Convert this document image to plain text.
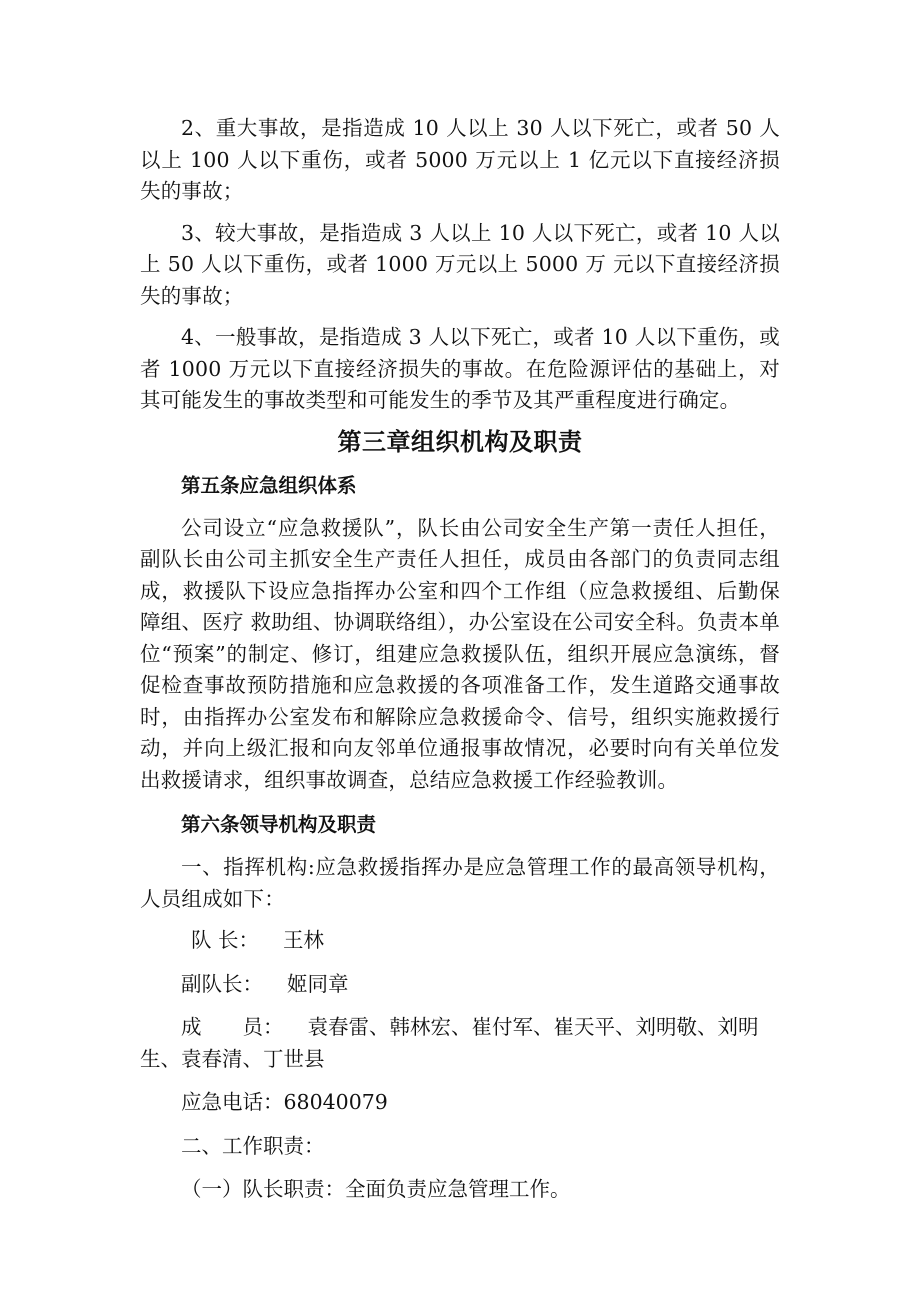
2、重大事故，是指造成 10 人以上 30 人以下死亡，或者 50 人以上 100 人以下重伤，或者 5000 万元以上 1 亿元以下直接经济损失的事故；

3、较大事故，是指造成 3 人以上 10 人以下死亡，或者 10 人以上 50 人以下重伤，或者 1000 万元以上 5000 万 元以下直接经济损失的事故；

4、一般事故，是指造成 3 人以下死亡，或者 10 人以下重伤，或者 1000 万元以下直接经济损失的事故。在危险源评估的基础上，对其可能发生的事故类型和可能发生的季节及其严重程度进行确定。

第三章组织机构及职责
第五条应急组织体系

公司设立“应急救援队”，队长由公司安全生产第一责任人担任，副队长由公司主抓安全生产责任人担任，成员由各部门的负责同志组成，救援队下设应急指挥办公室和四个工作组（应急救援组、后勤保障组、医疗 救助组、协调联络组），办公室设在公司安全科。负责本单位“预案”的制定、修订，组建应急救援队伍，组织开展应急演练，督促检查事故预防措施和应急救援的各项准备工作，发生道路交通事故时，由指挥办公室发布和解除应急救援命令、信号，组织实施救援行动，并向上级汇报和向友邻单位通报事故情况，必要时向有关单位发出救援请求，组织事故调查，总结应急救援工作经验教训。

第六条领导机构及职责

一、指挥机构:应急救援指挥办是应急管理工作的最高领导机构，人员组成如下：

队 长： 王林
副队长： 姬同章
成　　员： 袁春雷、韩林宏、崔付军、崔天平、刘明敬、刘明生、袁春清、丁世县
应急电话：68040079
二、工作职责：
（一）队长职责：全面负责应急管理工作。
